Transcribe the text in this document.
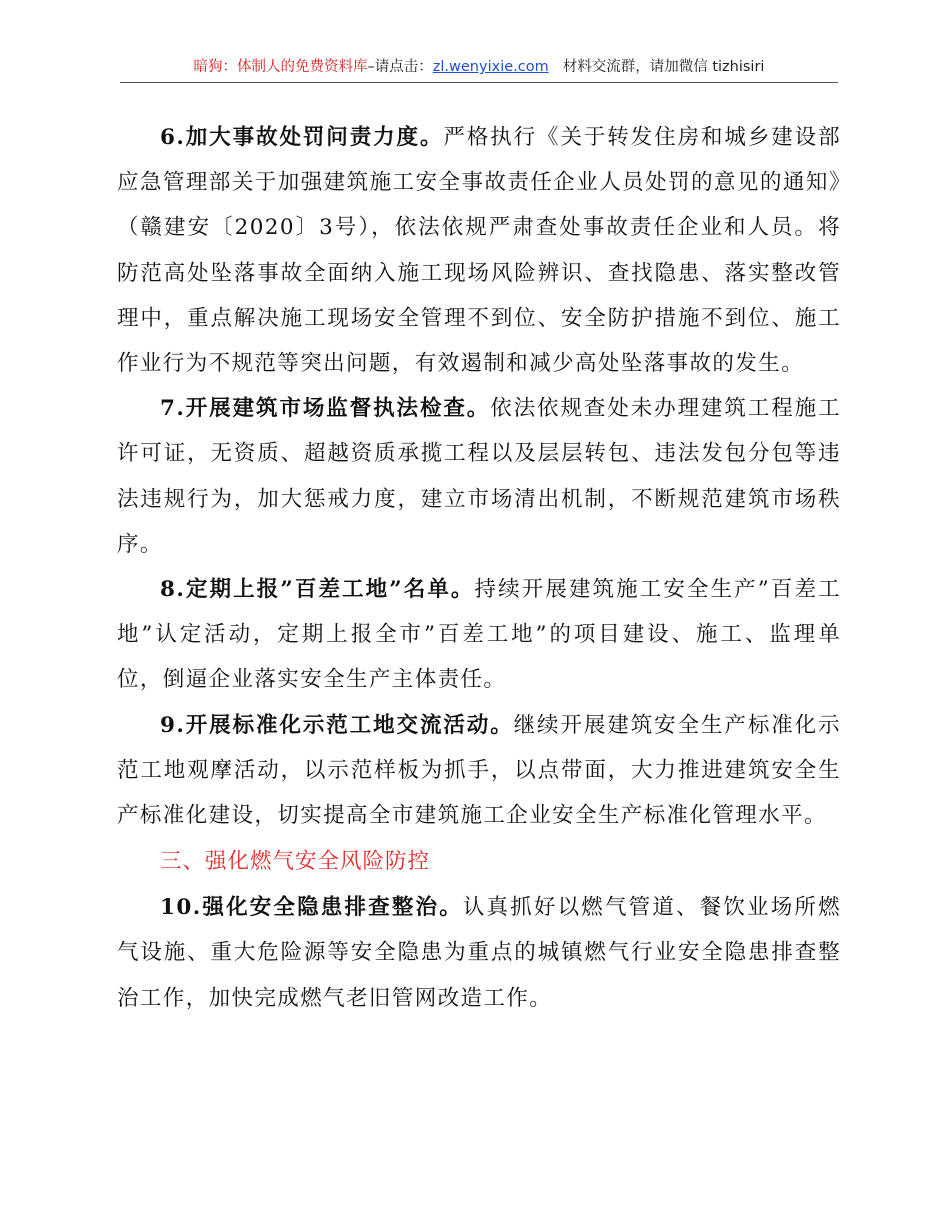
暗狗：体制人的免费资料库–请点击：zl.wenyixie.com 材料交流群，请加微信 tizhisiri

6.加大事故处罚问责力度。严格执行《关于转发住房和城乡建设部应急管理部关于加强建筑施工安全事故责任企业人员处罚的意见的通知》（赣建安〔2020〕3号），依法依规严肃查处事故责任企业和人员。将防范高处坠落事故全面纳入施工现场风险辨识、查找隐患、落实整改管理中，重点解决施工现场安全管理不到位、安全防护措施不到位、施工作业行为不规范等突出问题，有效遏制和减少高处坠落事故的发生。

7.开展建筑市场监督执法检查。依法依规查处未办理建筑工程施工许可证，无资质、超越资质承揽工程以及层层转包、违法发包分包等违法违规行为，加大惩戒力度，建立市场清出机制，不断规范建筑市场秩序。

8.定期上报”百差工地”名单。持续开展建筑施工安全生产”百差工地”认定活动，定期上报全市”百差工地”的项目建设、施工、监理单位，倒逼企业落实安全生产主体责任。

9.开展标准化示范工地交流活动。继续开展建筑安全生产标准化示范工地观摩活动，以示范样板为抓手，以点带面，大力推进建筑安全生产标准化建设，切实提高全市建筑施工企业安全生产标准化管理水平。

三、强化燃气安全风险防控

10.强化安全隐患排查整治。认真抓好以燃气管道、餐饮业场所燃气设施、重大危险源等安全隐患为重点的城镇燃气行业安全隐患排查整治工作，加快完成燃气老旧管网改造工作。
